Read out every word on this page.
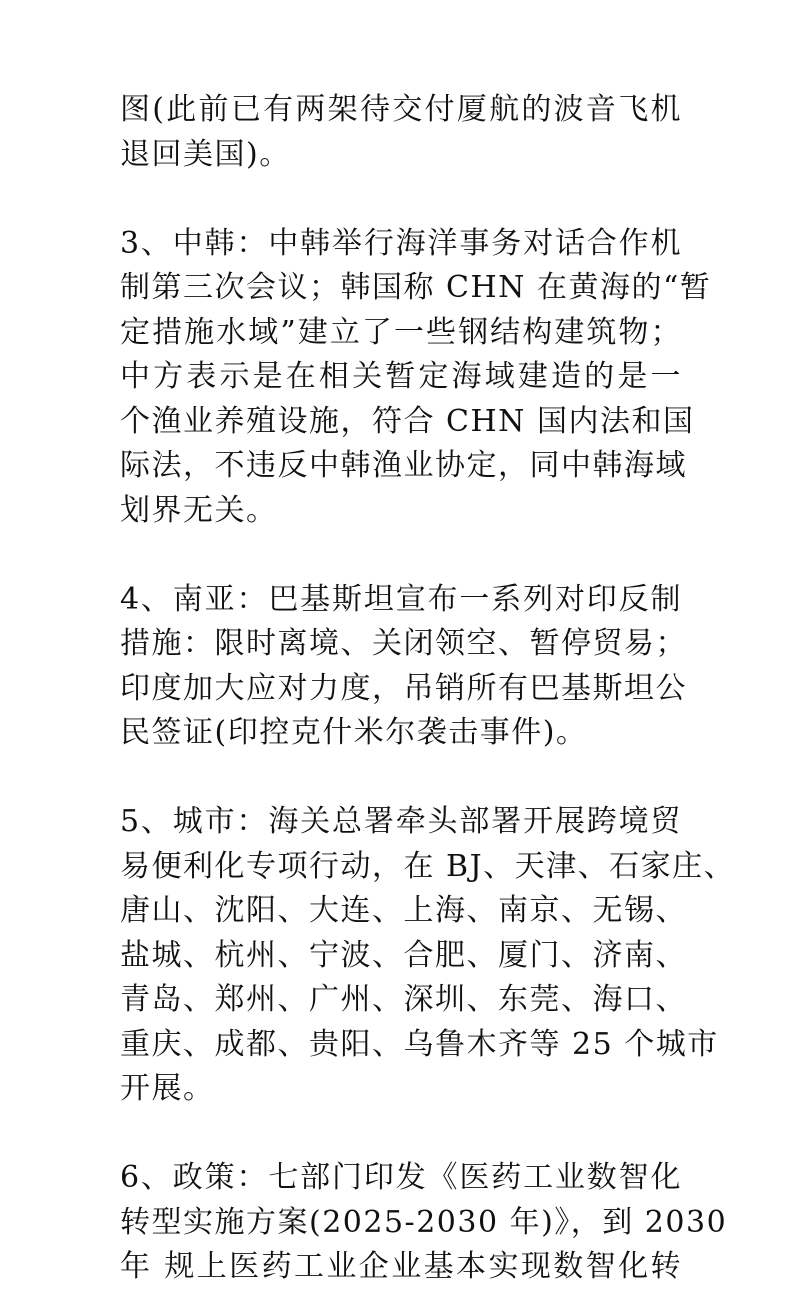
图(此前已有两架待交付厦航的波音飞机
退回美国)。

3、中韩：中韩举行海洋事务对话合作机
制第三次会议；韩国称 CHN 在黄海的“暂
定措施水域”建立了一些钢结构建筑物；
中方表示是在相关暂定海域建造的是一
个渔业养殖设施，符合 CHN 国内法和国
际法，不违反中韩渔业协定，同中韩海域
划界无关。

4、南亚：巴基斯坦宣布一系列对印反制
措施：限时离境、关闭领空、暂停贸易；
印度加大应对力度，吊销所有巴基斯坦公
民签证(印控克什米尔袭击事件)。

5、城市：海关总署牵头部署开展跨境贸
易便利化专项行动，在 BJ、天津、石家庄、
唐山、沈阳、大连、上海、南京、无锡、
盐城、杭州、宁波、合肥、厦门、济南、
青岛、郑州、广州、深圳、东莞、海口、
重庆、成都、贵阳、乌鲁木齐等 25 个城市
开展。

6、政策：七部门印发《医药工业数智化
转型实施方案(2025-2030 年)》，到 2030
年 规上医药工业企业基本实现数智化转
